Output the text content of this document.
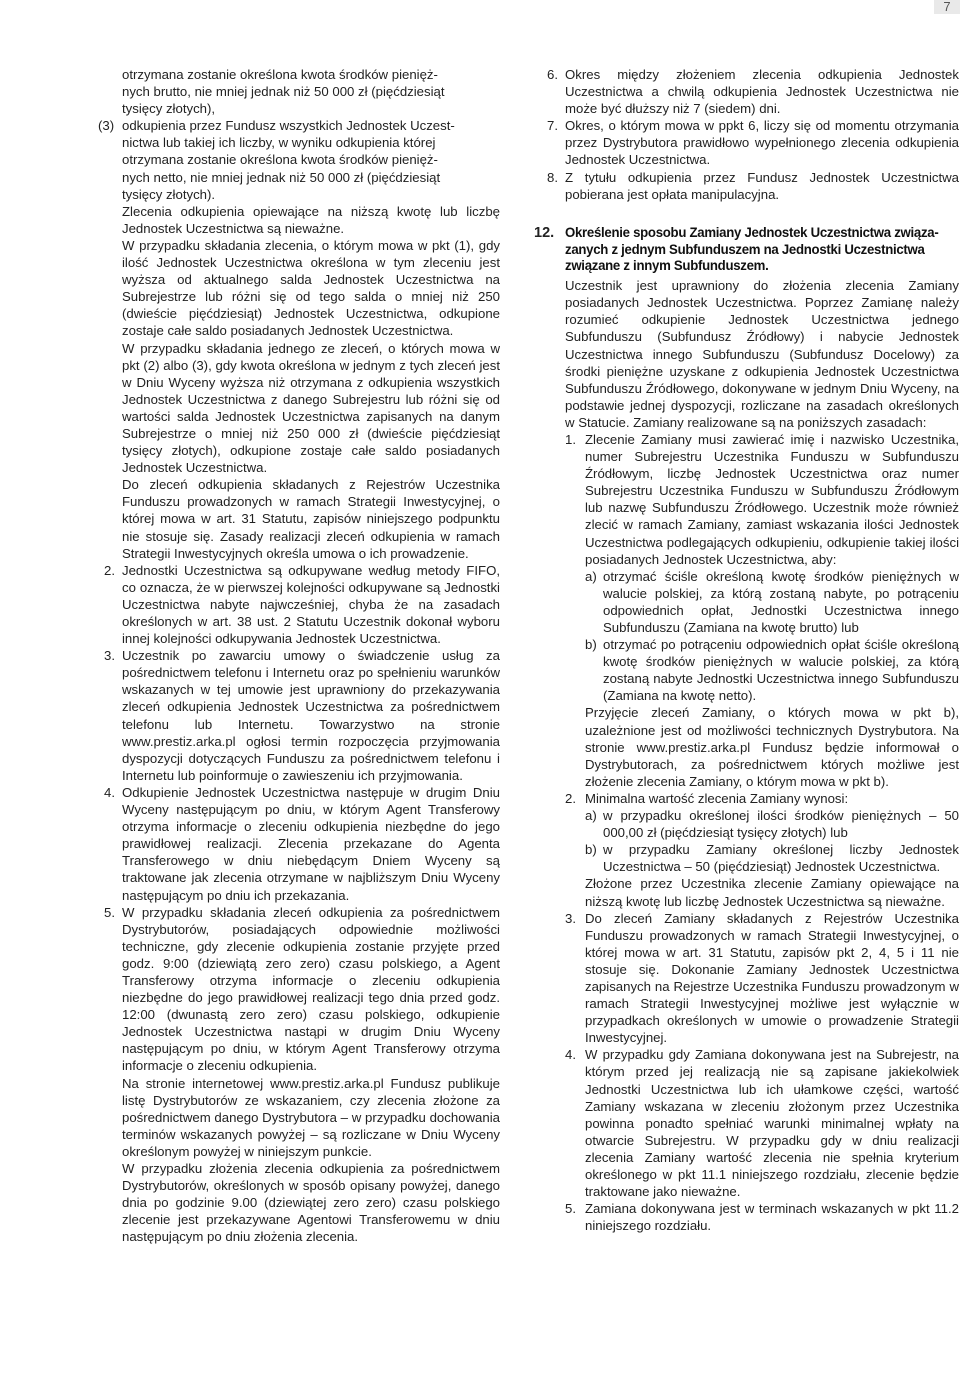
7

otrzymana zostanie określona kwota środków pienięż-

nych brutto, nie mniej jednak niż 50 000 zł (pięćdziesiąt

tysięcy złotych),

(3) odkupienia przez Fundusz wszystkich Jednostek Uczest-

nictwa lub takiej ich liczby, w wyniku odkupienia której

otrzymana zostanie określona kwota środków pienięż-

nych netto, nie mniej jednak niż 50 000 zł (pięćdziesiąt

tysięcy złotych).

Zlecenia odkupienia opiewające na niższą kwotę lub liczbę Jednostek Uczestnictwa są nieważne.

W przypadku składania zlecenia, o którym mowa w pkt (1), gdy ilość Jednostek Uczestnictwa określona w tym zleceniu jest wyższa od aktualnego salda Jednostek Uczestnictwa na Subrejestrze lub różni się od tego salda o mniej niż 250 (dwieście pięćdziesiąt) Jednostek Uczestnictwa, odkupione zostaje całe saldo posiadanych Jednostek Uczestnictwa.

W przypadku składania jednego ze zleceń, o których mowa w pkt (2) albo (3), gdy kwota określona w jednym z tych zleceń jest w Dniu Wyceny wyższa niż otrzymana z odkupienia wszystkich Jednostek Uczestnictwa z danego Subrejestru lub różni się od wartości salda Jednostek Uczestnictwa zapisanych na danym Subrejestrze o mniej niż 250 000 zł (dwieście pięćdziesiąt tysięcy złotych), odkupione zostaje całe saldo posiadanych Jednostek Uczestnictwa.

Do zleceń odkupienia składanych z Rejestrów Uczestnika Funduszu prowadzonych w ramach Strategii Inwestycyjnej, o której mowa w art. 31 Statutu, zapisów niniejszego podpunktu nie stosuje się. Zasady realizacji zleceń odkupienia w ramach Strategii Inwestycyjnych określa umowa o ich prowadzenie.

2. Jednostki Uczestnictwa są odkupywane według metody FIFO, co oznacza, że w pierwszej kolejności odkupywane są Jednostki Uczestnictwa nabyte najwcześniej, chyba że na zasadach określonych w art. 38 ust. 2 Statutu Uczestnik dokonał wyboru innej kolejności odkupywania Jednostek Uczestnictwa.

3. Uczestnik po zawarciu umowy o świadczenie usług za pośrednictwem telefonu i Internetu oraz po spełnieniu warunków wskazanych w tej umowie jest uprawniony do przekazywania zleceń odkupienia Jednostek Uczestnictwa za pośrednictwem telefonu lub Internetu. Towarzystwo na stronie www.prestiz.arka.pl ogłosi termin rozpoczęcia przyjmowania dyspozycji dotyczących Funduszu za pośrednictwem telefonu i Internetu lub poinformuje o zawieszeniu ich przyjmowania.

4. Odkupienie Jednostek Uczestnictwa następuje w drugim Dniu Wyceny następującym po dniu, w którym Agent Transferowy otrzyma informacje o zleceniu odkupienia niezbędne do jego prawidłowej realizacji. Zlecenia przekazane do Agenta Transferowego w dniu niebędącym Dniem Wyceny są traktowane jak zlecenia otrzymane w najbliższym Dniu Wyceny następującym po dniu ich przekazania.

5. W przypadku składania zleceń odkupienia za pośrednictwem Dystrybutorów, posiadających odpowiednie możliwości techniczne, gdy zlecenie odkupienia zostanie przyjęte przed godz. 9:00 (dziewiątą zero zero) czasu polskiego, a Agent Transferowy otrzyma informacje o zleceniu odkupienia niezbędne do jego prawidłowej realizacji tego dnia przed godz. 12:00 (dwunastą zero zero) czasu polskiego, odkupienie Jednostek Uczestnictwa nastąpi w drugim Dniu Wyceny następującym po dniu, w którym Agent Transferowy otrzyma informacje o zleceniu odkupienia.

Na stronie internetowej www.prestiz.arka.pl Fundusz publikuje listę Dystrybutorów ze wskazaniem, czy zlecenia złożone za pośrednictwem danego Dystrybutora – w przypadku dochowania terminów wskazanych powyżej – są rozliczane w Dniu Wyceny określonym powyżej w niniejszym punkcie.

W przypadku złożenia zlecenia odkupienia za pośrednictwem Dystrybutorów, określonych w sposób opisany powyżej, danego dnia po godzinie 9.00 (dziewiątej zero zero) czasu polskiego zlecenie jest przekazywane Agentowi Transferowemu w dniu następującym po dniu złożenia zlecenia.

6. Okres między złożeniem zlecenia odkupienia Jednostek Uczestnictwa a chwilą odkupienia Jednostek Uczestnictwa nie może być dłuższy niż 7 (siedem) dni.

7. Okres, o którym mowa w ppkt 6, liczy się od momentu otrzymania przez Dystrybutora prawidłowo wypełnionego zlecenia odkupienia Jednostek Uczestnictwa.

8. Z tytułu odkupienia przez Fundusz Jednostek Uczestnictwa pobierana jest opłata manipulacyjna.

12. Określenie sposobu Zamiany Jednostek Uczestnictwa związa-
zanych z jednym Subfunduszem na Jednostki Uczestnictwa
związane z innym Subfunduszem.

Uczestnik jest uprawniony do złożenia zlecenia Zamiany posiadanych Jednostek Uczestnictwa. Poprzez Zamianę należy rozumieć odkupienie Jednostek Uczestnictwa jednego Subfunduszu (Subfundusz Źródłowy) i nabycie Jednostek Uczestnictwa innego Subfunduszu (Subfundusz Docelowy) za środki pieniężne uzyskane z odkupienia Jednostek Uczestnictwa Subfunduszu Źródłowego, dokonywane w jednym Dniu Wyceny, na podstawie jednej dyspozycji, rozliczane na zasadach określonych w Statucie. Zamiany realizowane są na poniższych zasadach:

1. Zlecenie Zamiany musi zawierać imię i nazwisko Uczestnika, numer Subrejestru Uczestnika Funduszu w Subfunduszu Źródłowym, liczbę Jednostek Uczestnictwa oraz numer Subrejestru Uczestnika Funduszu w Subfunduszu Źródłowym lub nazwę Subfunduszu Źródłowego. Uczestnik może również zlecić w ramach Zamiany, zamiast wskazania ilości Jednostek Uczestnictwa podlegających odkupieniu, odkupienie takiej ilości posiadanych Jednostek Uczestnictwa, aby:

a) otrzymać ściśle określoną kwotę środków pieniężnych w walucie polskiej, za którą zostaną nabyte, po potrąceniu odpowiednich opłat, Jednostki Uczestnictwa innego Subfunduszu (Zamiana na kwotę brutto) lub

b) otrzymać po potrąceniu odpowiednich opłat ściśle określoną kwotę środków pieniężnych w walucie polskiej, za którą zostaną nabyte Jednostki Uczestnictwa innego Subfunduszu (Zamiana na kwotę netto).

Przyjęcie zleceń Zamiany, o których mowa w pkt b), uzależnione jest od możliwości technicznych Dystrybutora. Na stronie www.prestiz.arka.pl Fundusz będzie informował o Dystrybutorach, za pośrednictwem których możliwe jest złożenie zlecenia Zamiany, o którym mowa w pkt b).

2. Minimalna wartość zlecenia Zamiany wynosi:

a) w przypadku określonej ilości środków pieniężnych – 50 000,00 zł (pięćdziesiąt tysięcy złotych) lub

b) w przypadku Zamiany określonej liczby Jednostek Uczestnictwa – 50 (pięćdziesiąt) Jednostek Uczestnictwa.

Złożone przez Uczestnika zlecenie Zamiany opiewające na niższą kwotę lub liczbę Jednostek Uczestnictwa są nieważne.

3. Do zleceń Zamiany składanych z Rejestrów Uczestnika Funduszu prowadzonych w ramach Strategii Inwestycyjnej, o której mowa w art. 31 Statutu, zapisów pkt 2, 4, 5 i 11 nie stosuje się. Dokonanie Zamiany Jednostek Uczestnictwa zapisanych na Rejestrze Uczestnika Funduszu prowadzonym w ramach Strategii Inwestycyjnej możliwe jest wyłącznie w przypadkach określonych w umowie o prowadzenie Strategii Inwestycyjnej.

4. W przypadku gdy Zamiana dokonywana jest na Subrejestr, na którym przed jej realizacją nie są zapisane jakiekolwiek Jednostki Uczestnictwa lub ich ułamkowe części, wartość Zamiany wskazana w zleceniu złożonym przez Uczestnika powinna ponadto spełniać warunki minimalnej wpłaty na otwarcie Subrejestru. W przypadku gdy w dniu realizacji zlecenia Zamiany wartość zlecenia nie spełnia kryterium określonego w pkt 11.1 niniejszego rozdziału, zlecenie będzie traktowane jako nieważne.

5. Zamiana dokonywana jest w terminach wskazanych w pkt 11.2 niniejszego rozdziału.
